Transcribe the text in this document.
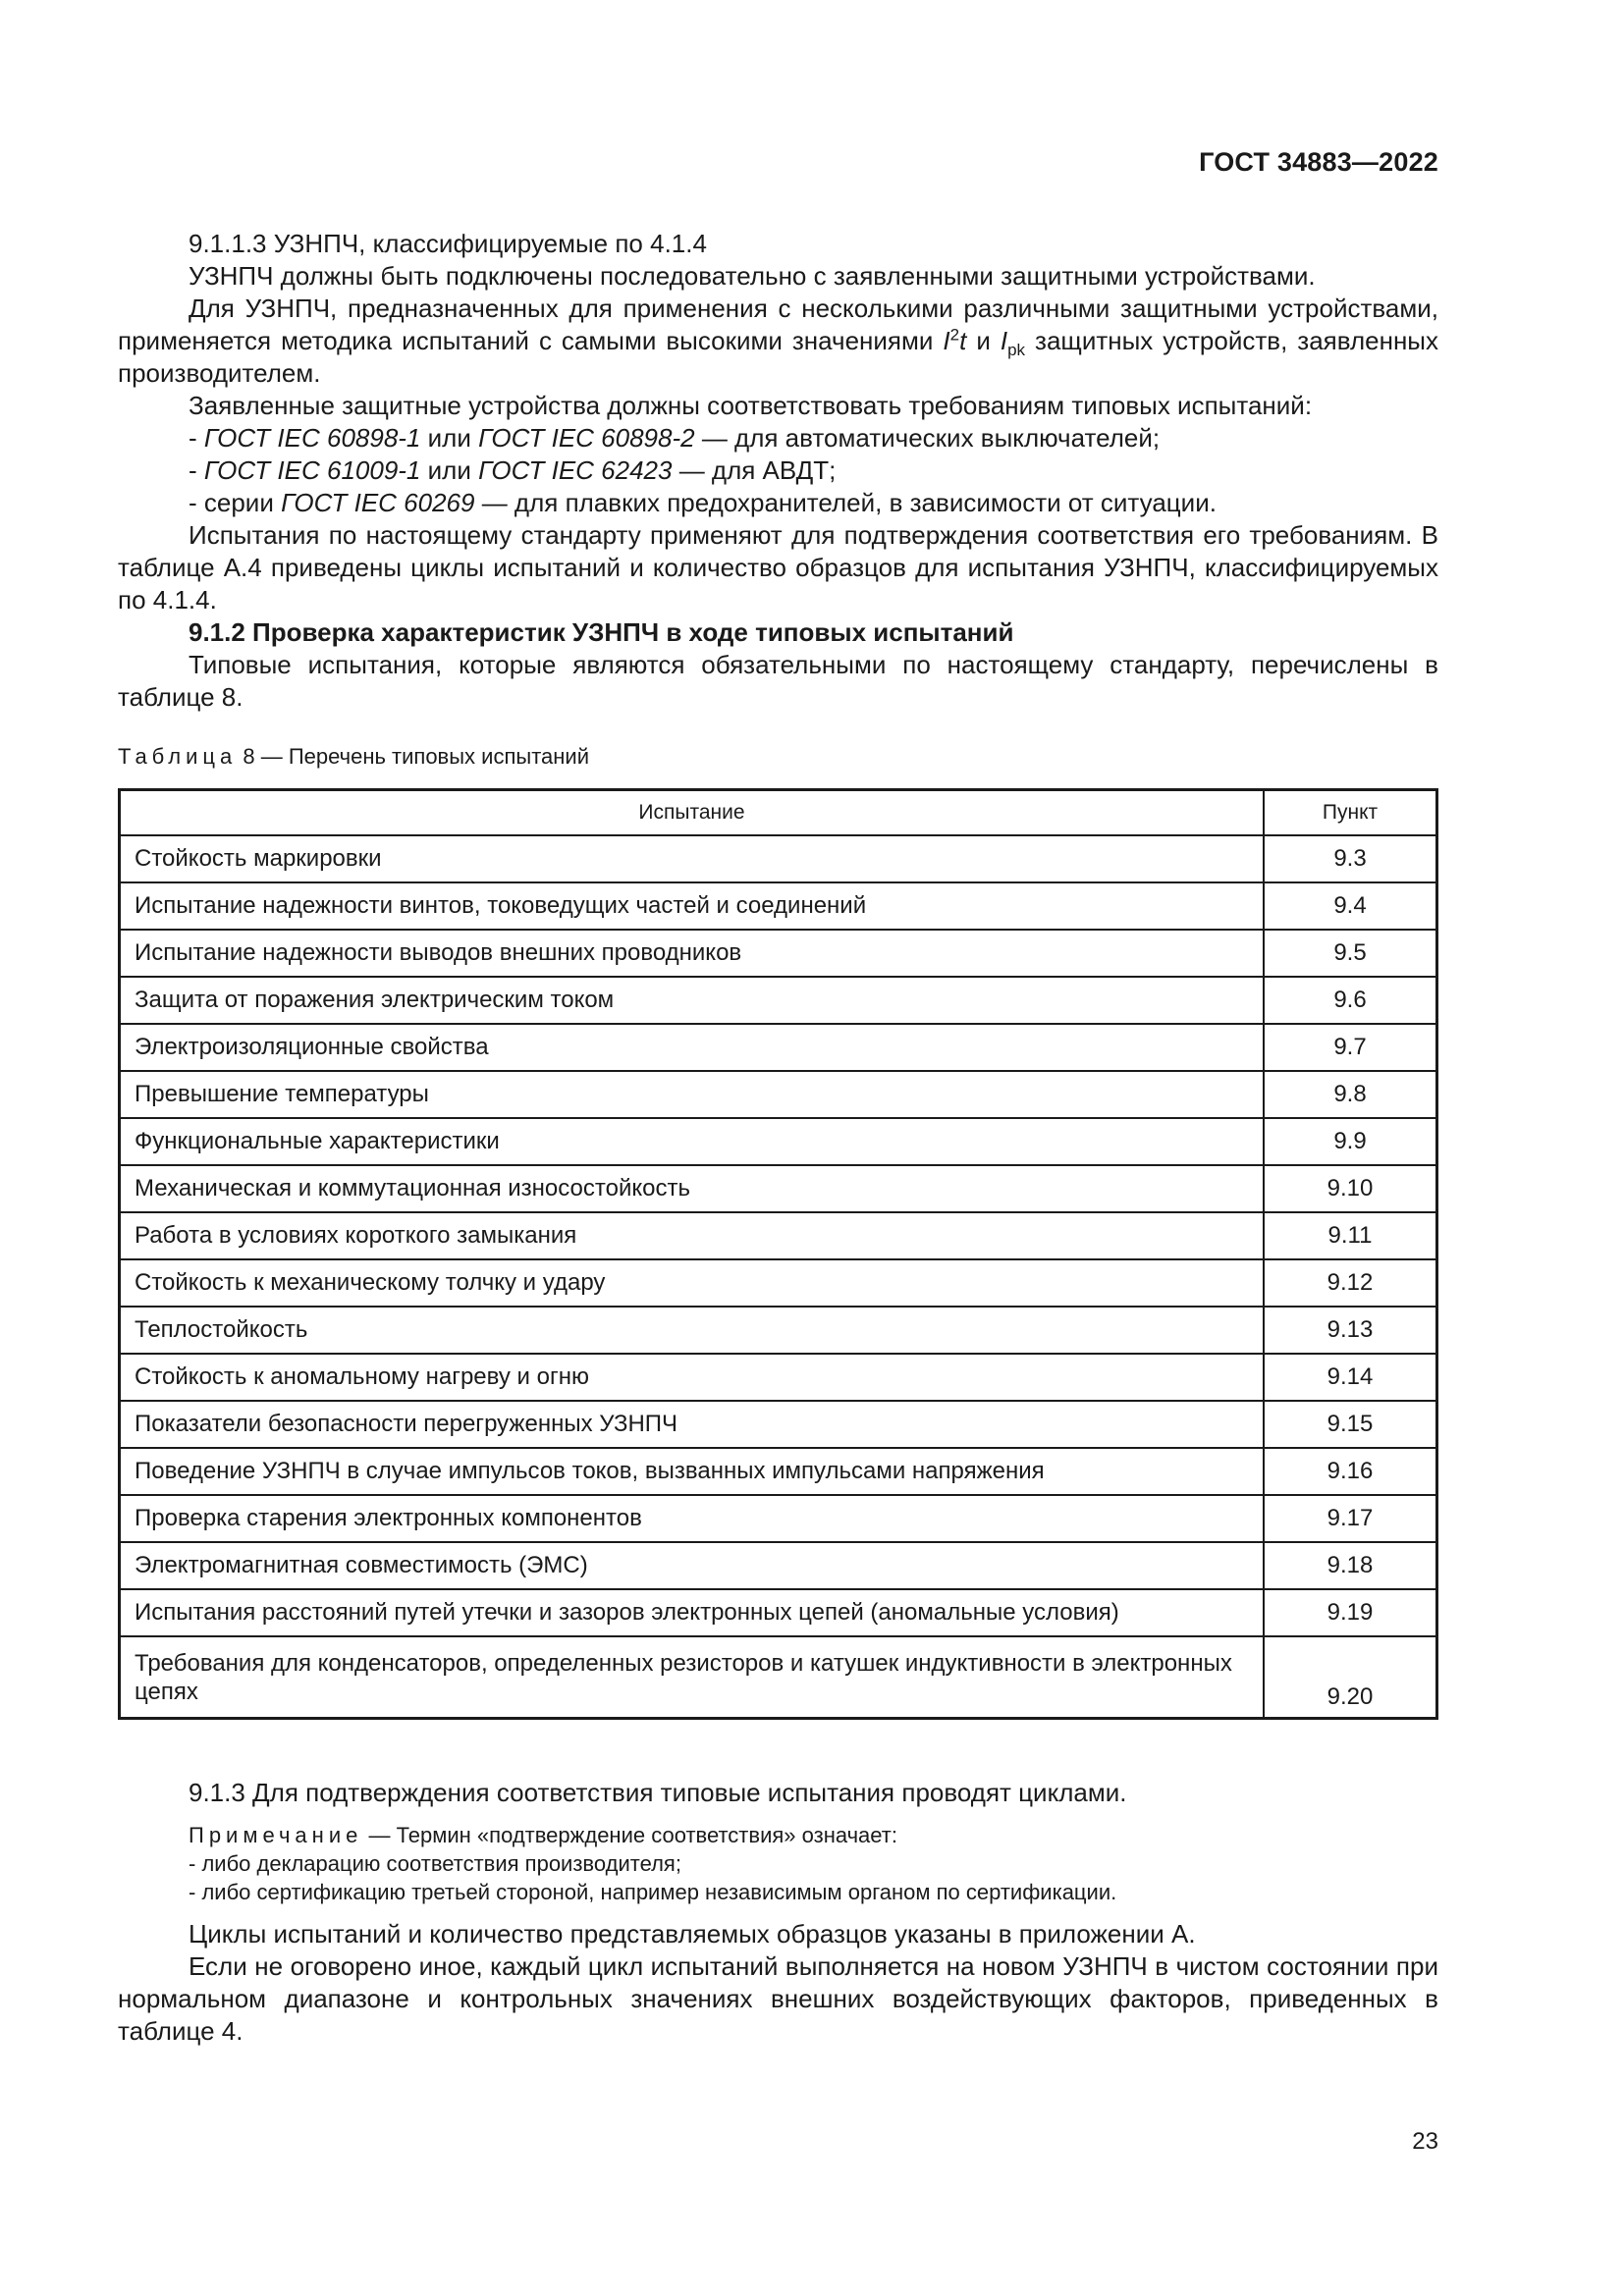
ГОСТ 34883—2022

9.1.1.3 УЗНПЧ, классифицируемые по 4.1.4

УЗНПЧ должны быть подключены последовательно с заявленными защитными устройствами.

Для УЗНПЧ, предназначенных для применения с несколькими различными защитными устройствами, применяется методика испытаний с самыми высокими значениями $I^2t$ и $I_{pk}$ защитных устройств, заявленных производителем.

Заявленные защитные устройства должны соответствовать требованиям типовых испытаний:

- ГОСТ IEC 60898-1 или ГОСТ IEC 60898-2 — для автоматических выключателей;

- ГОСТ IEC 61009-1 или ГОСТ IEC 62423 — для АВДТ;

- серии ГОСТ IEC 60269 — для плавких предохранителей, в зависимости от ситуации.

Испытания по настоящему стандарту применяют для подтверждения соответствия его требованиям. В таблице А.4 приведены циклы испытаний и количество образцов для испытания УЗНПЧ, классифицируемых по 4.1.4.

9.1.2 Проверка характеристик УЗНПЧ в ходе типовых испытаний

Типовые испытания, которые являются обязательными по настоящему стандарту, перечислены в таблице 8.

Таблица 8 — Перечень типовых испытаний
Испытание	Пункт
Стойкость маркировки	9.3
Испытание надежности винтов, токоведущих частей и соединений	9.4
Испытание надежности выводов внешних проводников	9.5
Защита от поражения электрическим током	9.6
Электроизоляционные свойства	9.7
Превышение температуры	9.8
Функциональные характеристики	9.9
Механическая и коммутационная износостойкость	9.10
Работа в условиях короткого замыкания	9.11
Стойкость к механическому толчку и удару	9.12
Теплостойкость	9.13
Стойкость к аномальному нагреву и огню	9.14
Показатели безопасности перегруженных УЗНПЧ	9.15
Поведение УЗНПЧ в случае импульсов токов, вызванных импульсами напряжения	9.16
Проверка старения электронных компонентов	9.17
Электромагнитная совместимость (ЭМС)	9.18
Испытания расстояний путей утечки и зазоров электронных цепей (аномальные условия)	9.19
Требования для конденсаторов, определенных резисторов и катушек индуктивности в электронных цепях	9.20

9.1.3 Для подтверждения соответствия типовые испытания проводят циклами.

Примечание — Термин «подтверждение соответствия» означает:

- либо декларацию соответствия производителя;

- либо сертификацию третьей стороной, например независимым органом по сертификации.

Циклы испытаний и количество представляемых образцов указаны в приложении А.

Если не оговорено иное, каждый цикл испытаний выполняется на новом УЗНПЧ в чистом состоянии при нормальном диапазоне и контрольных значениях внешних воздействующих факторов, приведенных в таблице 4.

23
